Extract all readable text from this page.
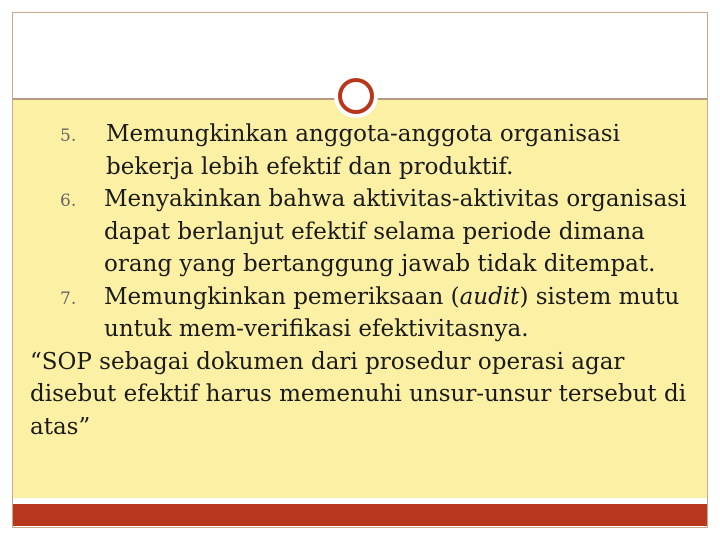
5. Memungkinkan anggota-anggota organisasi bekerja lebih efektif dan produktif.
6. Menyakinkan bahwa aktivitas-aktivitas organisasi dapat berlanjut efektif selama periode dimana orang yang bertanggung jawab tidak ditempat.
7. Memungkinkan pemeriksaan (audit) sistem mutu untuk mem-verifikasi efektivitasnya.
“SOP sebagai dokumen dari prosedur operasi agar disebut efektif harus memenuhi unsur-unsur tersebut di atas”
